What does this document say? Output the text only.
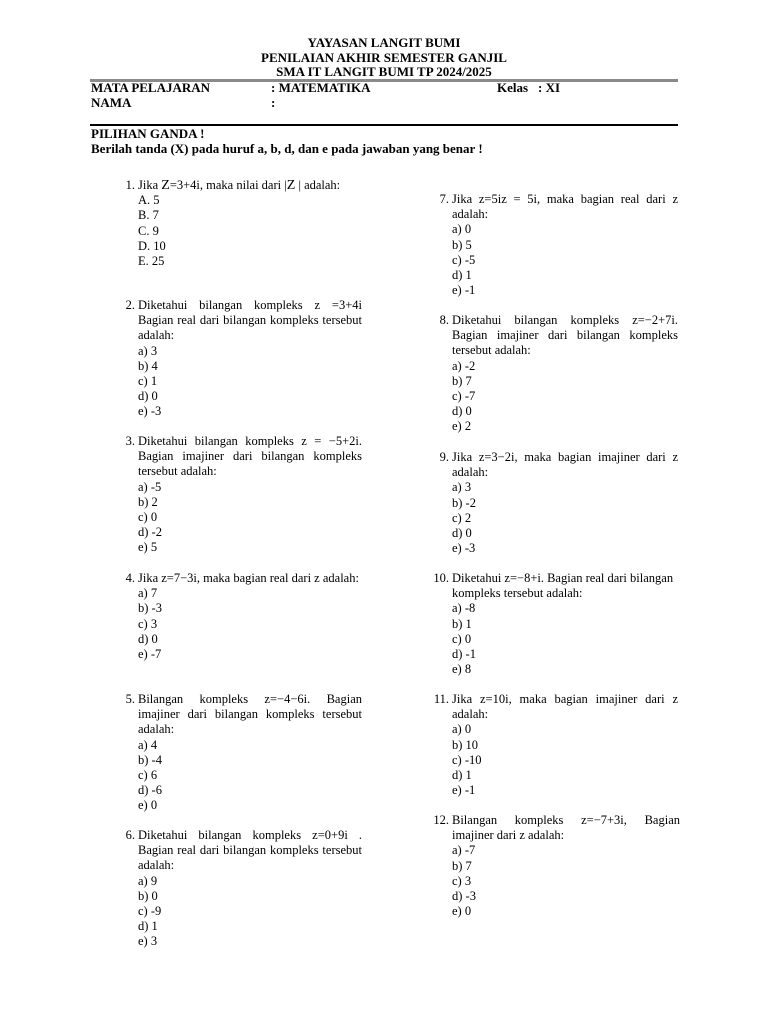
YAYASAN LANGIT BUMI
PENILAIAN AKHIR SEMESTER GANJIL
SMA IT LANGIT BUMI TP 2024/2025
MATA PELAJARAN	: MATEMATIKA	Kelas : XI
NAMA	:
PILIHAN GANDA !
Berilah tanda (X) pada huruf a, b, d, dan e pada jawaban yang benar !
1. Jika Z=3+4i, maka nilai dari |Z | adalah:
A. 5
B. 7
C. 9
D. 10
E. 25
2. Diketahui bilangan kompleks z =3+4i Bagian real dari bilangan kompleks tersebut adalah:
a) 3
b) 4
c) 1
d) 0
e) -3
3. Diketahui bilangan kompleks z = −5+2i. Bagian imajiner dari bilangan kompleks tersebut adalah:
a) -5
b) 2
c) 0
d) -2
e) 5
4. Jika z=7−3i, maka bagian real dari z adalah:
a) 7
b) -3
c) 3
d) 0
e) -7
5. Bilangan kompleks z=−4−6i. Bagian imajiner dari bilangan kompleks tersebut adalah:
a) 4
b) -4
c) 6
d) -6
e) 0
6. Diketahui bilangan kompleks z=0+9i . Bagian real dari bilangan kompleks tersebut adalah:
a) 9
b) 0
c) -9
d) 1
e) 3
7. Jika z=5iz = 5i, maka bagian real dari z adalah:
a) 0
b) 5
c) -5
d) 1
e) -1
8. Diketahui bilangan kompleks z=−2+7i. Bagian imajiner dari bilangan kompleks tersebut adalah:
a) -2
b) 7
c) -7
d) 0
e) 2
9. Jika z=3−2i, maka bagian imajiner dari z adalah:
a) 3
b) -2
c) 2
d) 0
e) -3
10. Diketahui z=−8+i. Bagian real dari bilangan kompleks tersebut adalah:
a) -8
b) 1
c) 0
d) -1
e) 8
11. Jika z=10i, maka bagian imajiner dari z adalah:
a) 0
b) 10
c) -10
d) 1
e) -1
12. Bilangan kompleks z=−7+3i, Bagian imajiner dari z adalah:
a) -7
b) 7
c) 3
d) -3
e) 0
